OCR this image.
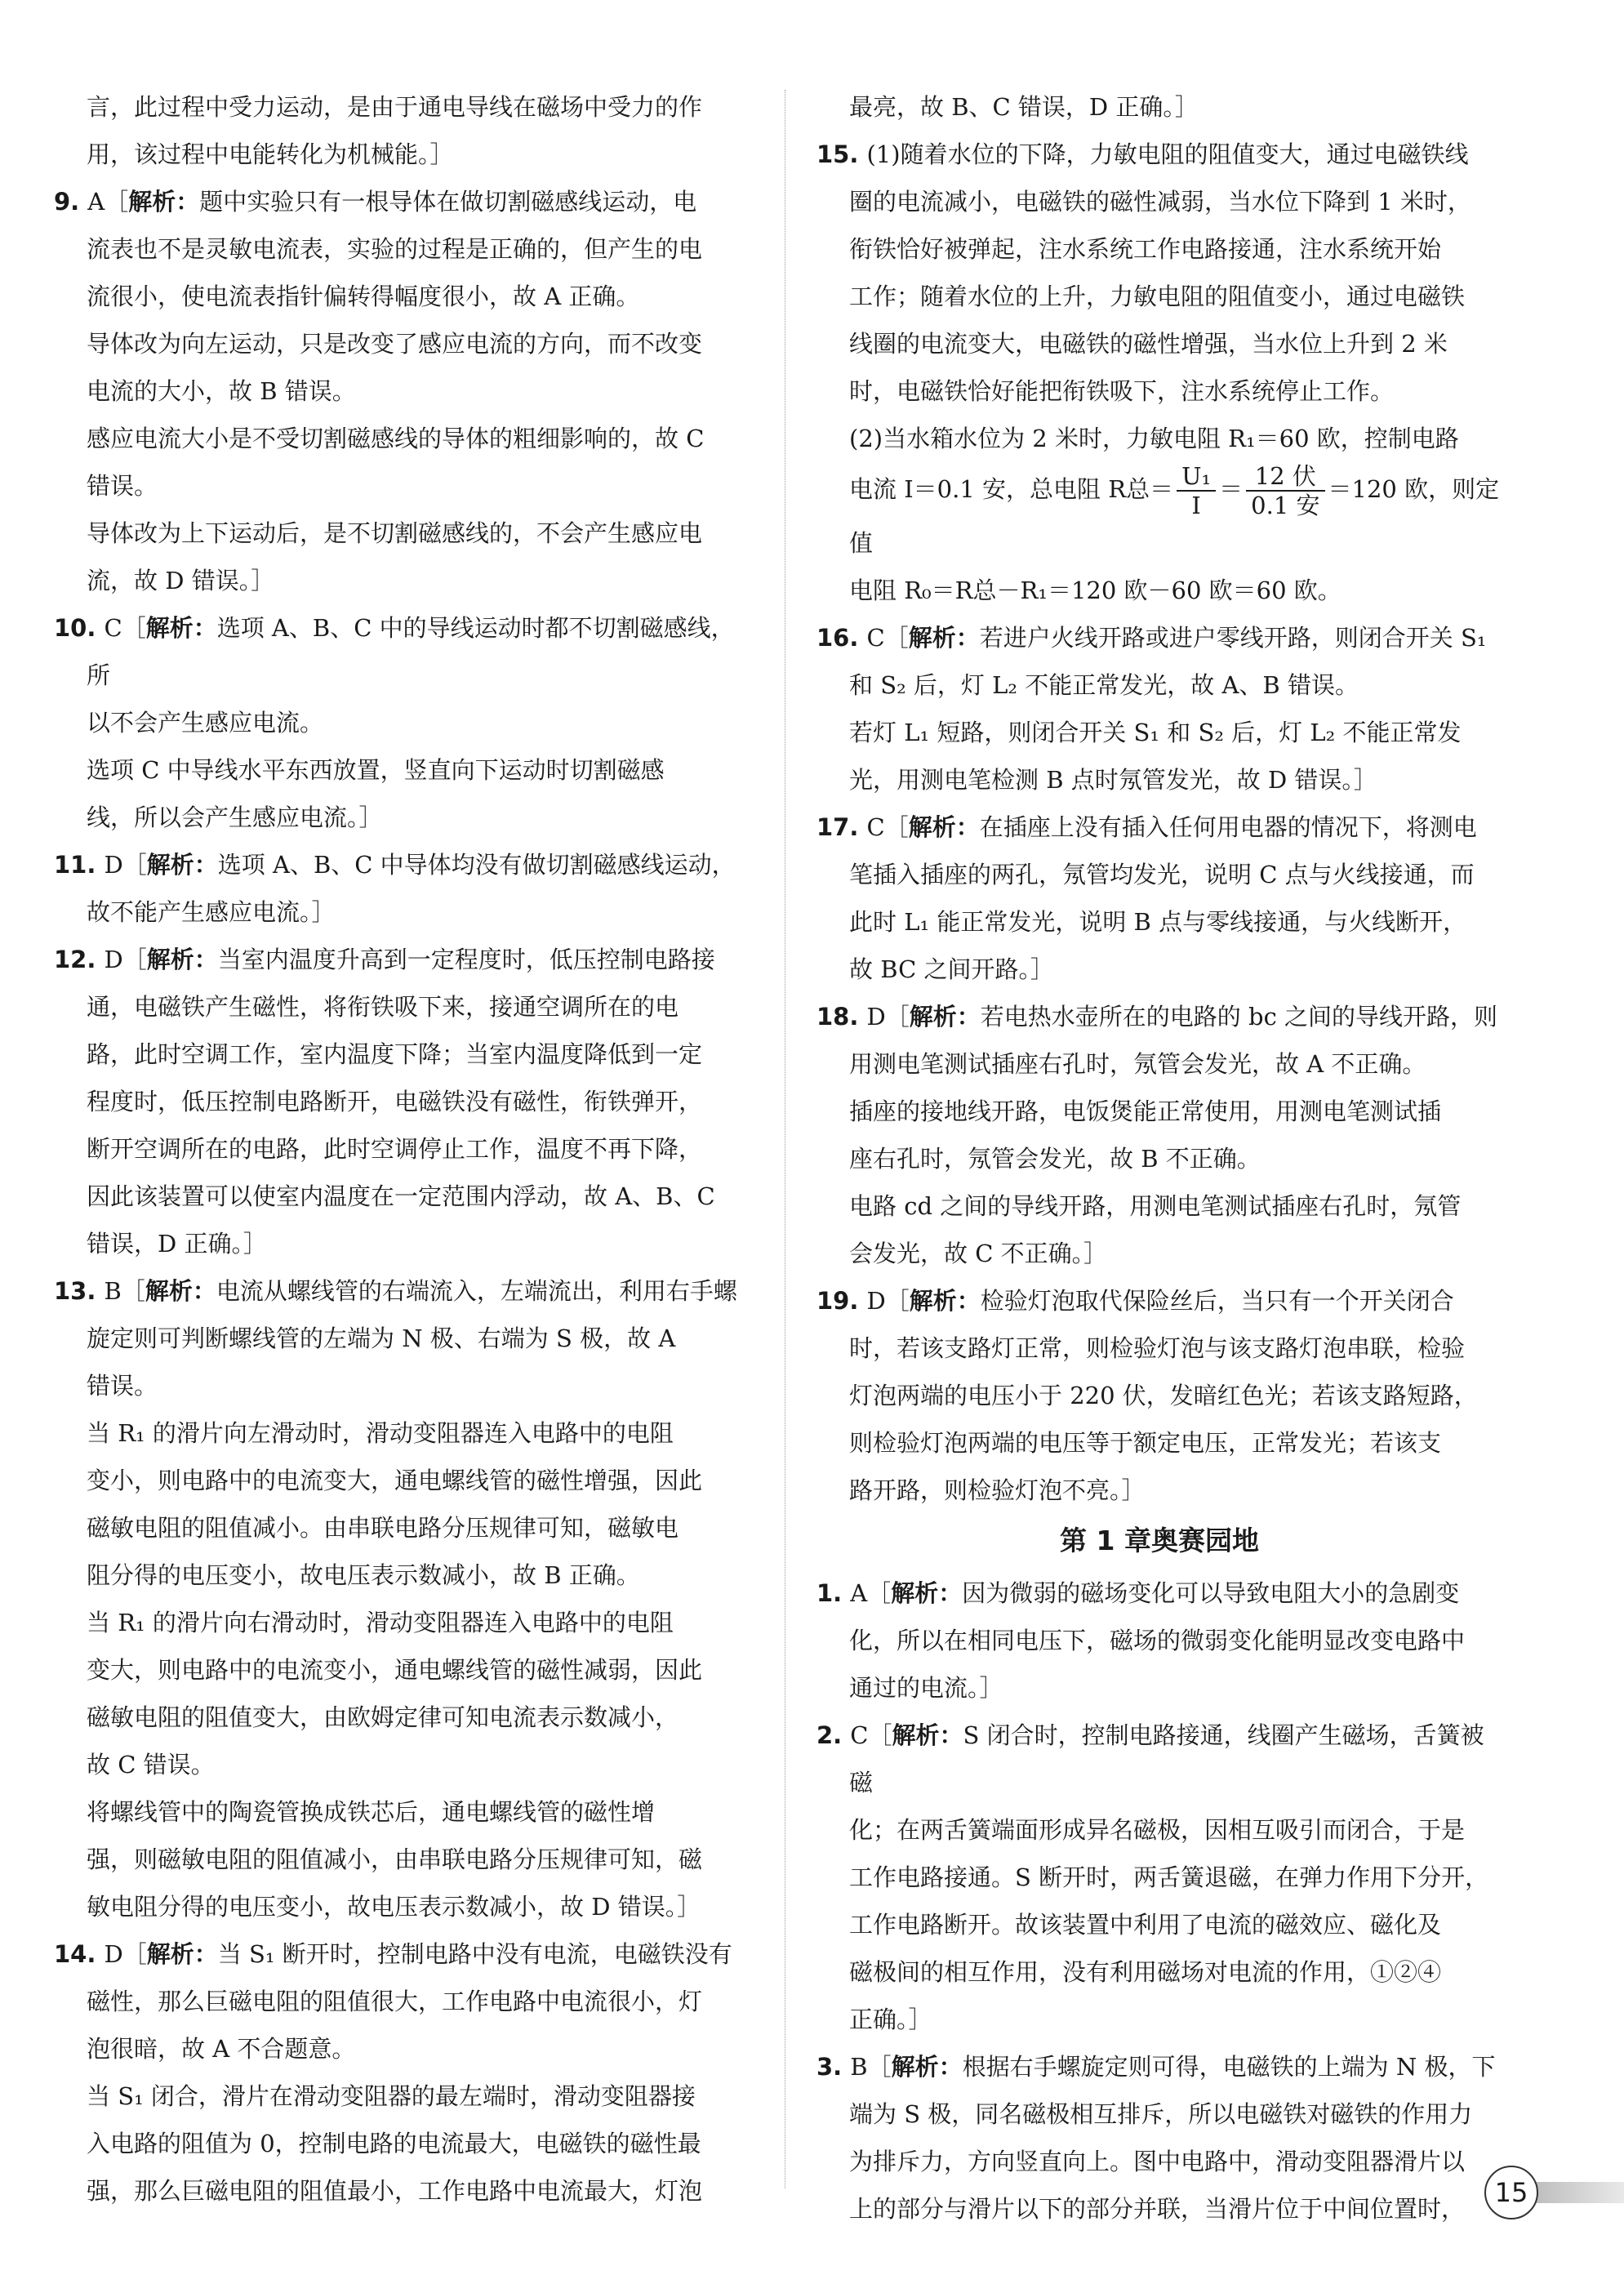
言，此过程中受力运动，是由于通电导线在磁场中受力的作
用，该过程中电能转化为机械能。］
9. A［解析：题中实验只有一根导体在做切割磁感线运动，电
流表也不是灵敏电流表，实验的过程是正确的，但产生的电
流很小，使电流表指针偏转得幅度很小，故 A 正确。
导体改为向左运动，只是改变了感应电流的方向，而不改变
电流的大小，故 B 错误。
感应电流大小是不受切割磁感线的导体的粗细影响的，故 C
错误。
导体改为上下运动后，是不切割磁感线的，不会产生感应电
流，故 D 错误。］
10. C［解析：选项 A、B、C 中的导线运动时都不切割磁感线，所
以不会产生感应电流。
选项 C 中导线水平东西放置，竖直向下运动时切割磁感
线，所以会产生感应电流。］
11. D［解析：选项 A、B、C 中导体均没有做切割磁感线运动，
故不能产生感应电流。］
12. D［解析：当室内温度升高到一定程度时，低压控制电路接
通，电磁铁产生磁性，将衔铁吸下来，接通空调所在的电
路，此时空调工作，室内温度下降；当室内温度降低到一定
程度时，低压控制电路断开，电磁铁没有磁性，衔铁弹开，
断开空调所在的电路，此时空调停止工作，温度不再下降，
因此该装置可以使室内温度在一定范围内浮动，故 A、B、C
错误，D 正确。］
13. B［解析：电流从螺线管的右端流入，左端流出，利用右手螺
旋定则可判断螺线管的左端为 N 极、右端为 S 极，故 A
错误。
当 R₁ 的滑片向左滑动时，滑动变阻器连入电路中的电阻
变小，则电路中的电流变大，通电螺线管的磁性增强，因此
磁敏电阻的阻值减小。由串联电路分压规律可知，磁敏电
阻分得的电压变小，故电压表示数减小，故 B 正确。
当 R₁ 的滑片向右滑动时，滑动变阻器连入电路中的电阻
变大，则电路中的电流变小，通电螺线管的磁性减弱，因此
磁敏电阻的阻值变大，由欧姆定律可知电流表示数减小，
故 C 错误。
将螺线管中的陶瓷管换成铁芯后，通电螺线管的磁性增
强，则磁敏电阻的阻值减小，由串联电路分压规律可知，磁
敏电阻分得的电压变小，故电压表示数减小，故 D 错误。］
14. D［解析：当 S₁ 断开时，控制电路中没有电流，电磁铁没有
磁性，那么巨磁电阻的阻值很大，工作电路中电流很小，灯
泡很暗，故 A 不合题意。
当 S₁ 闭合，滑片在滑动变阻器的最左端时，滑动变阻器接
入电路的阻值为 0，控制电路的电流最大，电磁铁的磁性最
强，那么巨磁电阻的阻值最小，工作电路中电流最大，灯泡
最亮，故 B、C 错误，D 正确。］
15. (1)随着水位的下降，力敏电阻的阻值变大，通过电磁铁线
圈的电流减小，电磁铁的磁性减弱，当水位下降到 1 米时，
衔铁恰好被弹起，注水系统工作电路接通，注水系统开始
工作；随着水位的上升，力敏电阻的阻值变小，通过电磁铁
线圈的电流变大，电磁铁的磁性增强，当水位上升到 2 米
时，电磁铁恰好能把衔铁吸下，注水系统停止工作。
(2)当水箱水位为 2 米时，力敏电阻 R₁＝60 欧，控制电路
电流 I＝0.1 安，总电阻 R总＝ $\frac{\text{U₁}}{I} = \frac{\text{12 伏}}{\text{0.1 安}} =120$ 欧，则定值
电阻 R₀＝R总－R₁＝120 欧－60 欧＝60 欧。
16. C［解析：若进户火线开路或进户零线开路，则闭合开关 S₁
和 S₂ 后，灯 L₂ 不能正常发光，故 A、B 错误。
若灯 L₁ 短路，则闭合开关 S₁ 和 S₂ 后，灯 L₂ 不能正常发
光，用测电笔检测 B 点时氖管发光，故 D 错误。］
17. C［解析：在插座上没有插入任何用电器的情况下，将测电
笔插入插座的两孔，氖管均发光，说明 C 点与火线接通，而
此时 L₁ 能正常发光，说明 B 点与零线接通，与火线断开，
故 BC 之间开路。］
18. D［解析：若电热水壶所在的电路的 bc 之间的导线开路，则
用测电笔测试插座右孔时，氖管会发光，故 A 不正确。
插座的接地线开路，电饭煲能正常使用，用测电笔测试插
座右孔时，氖管会发光，故 B 不正确。
电路 cd 之间的导线开路，用测电笔测试插座右孔时，氖管
会发光，故 C 不正确。］
19. D［解析：检验灯泡取代保险丝后，当只有一个开关闭合
时，若该支路灯正常，则检验灯泡与该支路灯泡串联，检验
灯泡两端的电压小于 220 伏，发暗红色光；若该支路短路，
则检验灯泡两端的电压等于额定电压，正常发光；若该支
路开路，则检验灯泡不亮。］
第 1 章奥赛园地
1. A［解析：因为微弱的磁场变化可以导致电阻大小的急剧变
化，所以在相同电压下，磁场的微弱变化能明显改变电路中
通过的电流。］
2. C［解析：S 闭合时，控制电路接通，线圈产生磁场，舌簧被磁
化；在两舌簧端面形成异名磁极，因相互吸引而闭合，于是
工作电路接通。S 断开时，两舌簧退磁，在弹力作用下分开，
工作电路断开。故该装置中利用了电流的磁效应、磁化及
磁极间的相互作用，没有利用磁场对电流的作用，①②④
正确。］
3. B［解析：根据右手螺旋定则可得，电磁铁的上端为 N 极，下
端为 S 极，同名磁极相互排斥，所以电磁铁对磁铁的作用力
为排斥力，方向竖直向上。图中电路中，滑动变阻器滑片以
上的部分与滑片以下的部分并联，当滑片位于中间位置时，
15
